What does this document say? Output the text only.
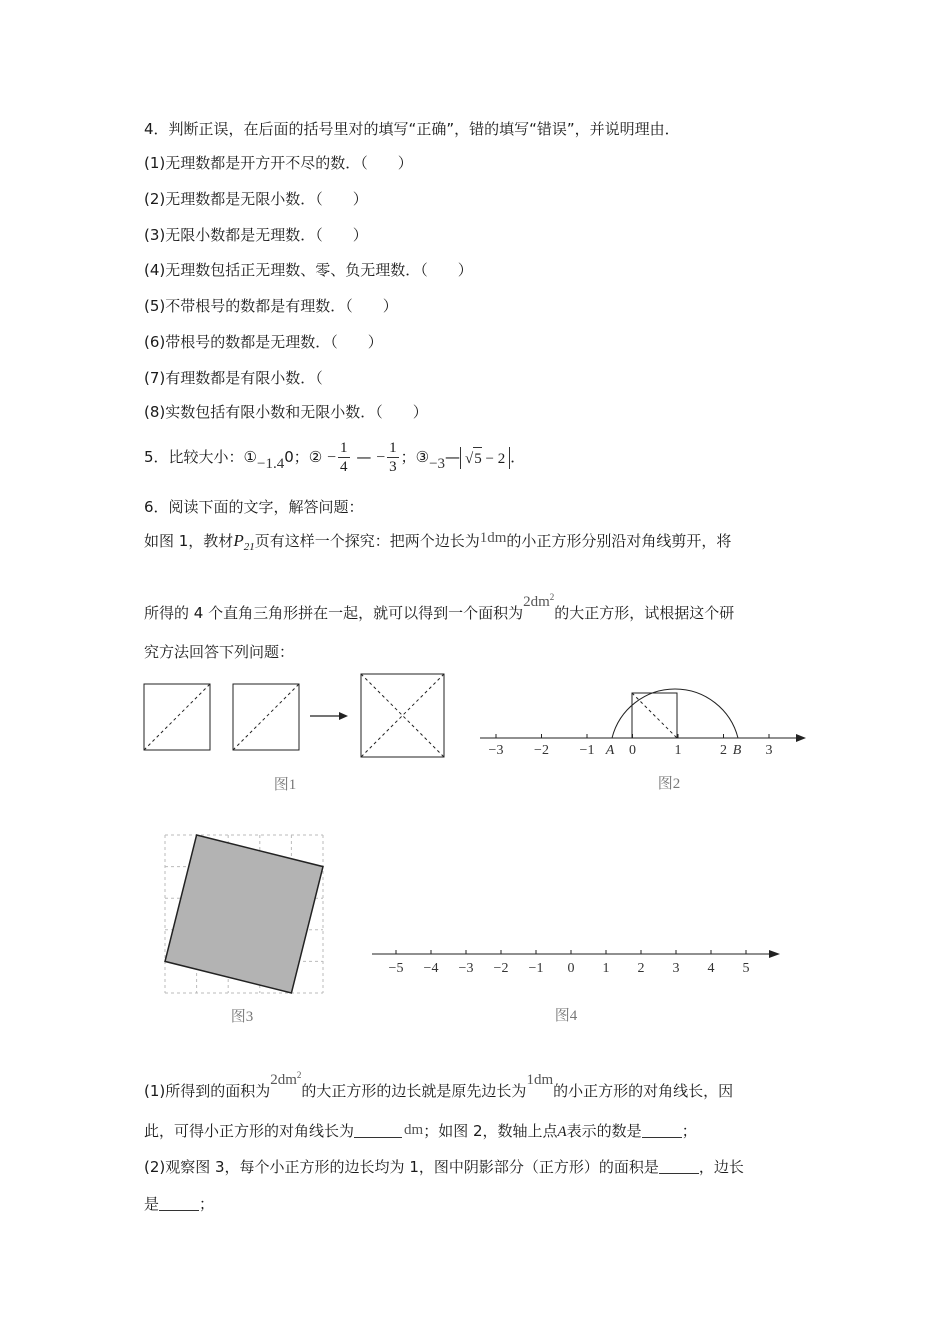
4．判断正误，在后面的括号里对的填写“正确”，错的填写“错误”，并说明理由．
(1)无理数都是开方开不尽的数．（　　）
(2)无理数都是无限小数．（　　）
(3)无限小数都是无理数．（　　）
(4)无理数包括正无理数、零、负无理数．（　　）
(5)不带根号的数都是有理数．（　　）
(6)带根号的数都是无理数．（　　）
(7)有理数都是有限小数．（
(8)实数包括有限小数和无限小数．（　　）
5．比较大小：①−1.40；② − $\frac{1}{4}$ — − $\frac{1}{3}$ ；③−3— √5 − 2 ．
6．阅读下面的文字，解答问题：
如图 1，教材$P_{21}$页有这样一个探究：把两个边长为1dm的小正方形分别沿对角线剪开，将
所得的 4 个直角三角形拼在一起，就可以得到一个面积为$2dm^2$的大正方形，试根据这个研
究方法回答下列问题：
图1
−3 −2 −1 0	1	2	3
A	B
图2
图3
−5 −4 −3 −2 −1 0 1 2 3 4 5
图4
(1)所得到的面积为$2dm^2$的大正方形的边长就是原先边长为1dm的小正方形的对角线长，因
此，可得小正方形的对角线长为	dm；如图 2，数轴上点A表示的数是	；
(2)观察图 3，每个小正方形的边长均为 1，图中阴影部分（正方形）的面积是	，边长
是	；
